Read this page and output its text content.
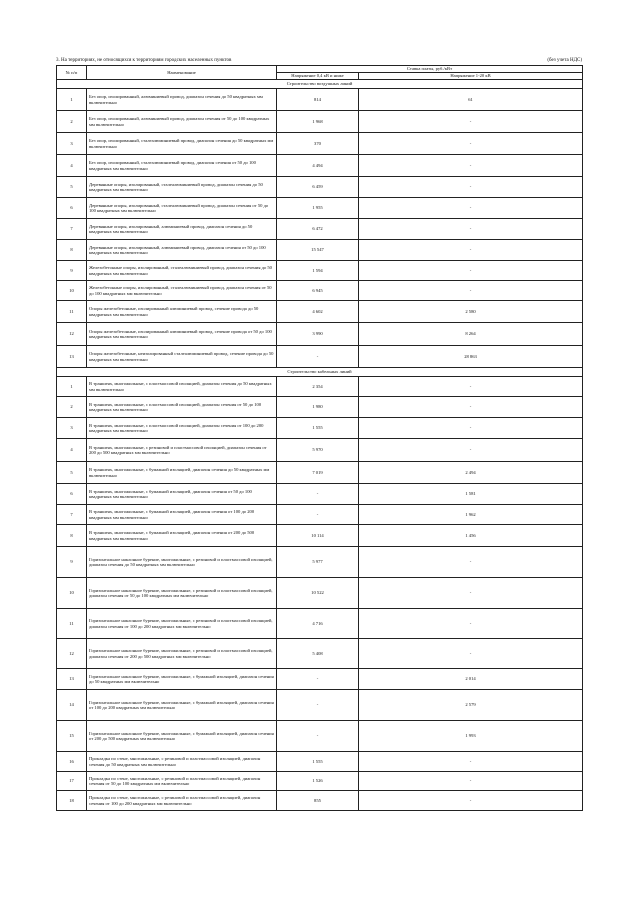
3. На территориях, не относящихся к территориям городских населенных пунктов	(без учета НДС)
№ п/п	Наименование	Ставка платы, руб./кВт	
		Напряжение 0,4 кВ и ниже	Напряжение 1-20 кВ
Строительство воздушных линий			
1	Без опор, изолированный, алюминиевый провод, диапазон сечения до 50 квадратных мм включительно	814	61
2	Без опор, изолированный, алюминиевый провод, диапазон сечения от 50 до 100 квадратных мм включительно	1 968	-
3	Без опор, изолированный, сталеалюминиевый провод, диапазон сечения до 50 квадратных мм включительно	370	-
4	Без опор, изолированный, сталеалюминиевый провод, диапазон сечения от 50 до 100 квадратных мм включительно	4 494	-
5	Деревянные опоры, изолированный, сталеалюминиевый провод, диапазон сечения до 50 квадратных мм включительно	6 459	-
6	Деревянные опоры, изолированный, сталеалюминиевый провод, диапазон сечения от 50 до 100 квадратных мм включительно	1 955	-
7	Деревянные опоры, изолированный, алюминиевый провод, диапазон сечения до 50 квадратных мм включительно	6 472	-
8	Деревянные опоры, изолированный, алюминиевый провод, диапазон сечения от 50 до 100 квадратных мм включительно	15 547	-
9	Железобетонные опоры, изолированный, сталеалюминиевый провод, диапазон сечения до 50 квадратных мм включительно	1 594	-
10	Железобетонные опоры, изолированный, сталеалюминиевый провод, диапазон сечения от 50 до 100 квадратных мм включительно	6 945	-
11	Опоры железобетонные, изолированный алюминиевый провод, сечение провода до 50 квадратных мм включительно	4 602	2 580
12	Опоры железобетонные, изолированный алюминиевый провод, сечение провода от 50 до 100 квадратных мм включительно	3 990	8 264
13	Опоры железобетонные, неизолированный сталеалюминиевый провод, сечение провода до 50 квадратных мм включительно	-	28 863
Строительство кабельных линий			
1	В траншеях, многожильные, с пластмассовой изоляцией, диапазон сечения до 50 квадратных мм включительно	2 354	-
2	В траншеях, многожильные, с пластмассовой изоляцией, диапазон сечения от 50 до 100 квадратных мм включительно	1 980	-
3	В траншеях, многожильные, с пластмассовой изоляцией, диапазон сечения от 100 до 200 квадратных мм включительно	1 555	-
4	В траншеях, многожильные, с резиновой и пластмассовой изоляцией, диапазон сечения от 200 до 500 квадратных мм включительно	5 970	-
5	В траншеях, многожильные, с бумажной изоляцией, диапазон сечения до 50 квадратных мм включительно	7 019	2 494
6	В траншеях, многожильные, с бумажной изоляцией, диапазон сечения от 50 до 100 квадратных мм включительно	-	1 581
7	В траншеях, многожильные, с бумажной изоляцией, диапазон сечения от 100 до 200 квадратных мм включительно	-	1 962
8	В траншеях, многожильные, с бумажной изоляцией, диапазон сечения от 200 до 500 квадратных мм включительно	10 114	1 456
9	Горизонтальное наклонное бурение, многожильные, с резиновой и пластмассовой изоляцией, диапазон сечения до 50 квадратных мм включительно	5 977	-
10	Горизонтальное наклонное бурение, многожильные, с резиновой и пластмассовой изоляцией, диапазон сечения от 50 до 100 квадратных мм включительно	10 522	-
11	Горизонтальное наклонное бурение, многожильные, с резиновой и пластмассовой изоляцией, диапазон сечения от 100 до 200 квадратных мм включительно	4 716	-
12	Горизонтальное наклонное бурение, многожильные, с резиновой и пластмассовой изоляцией, диапазон сечения от 200 до 500 квадратных мм включительно	5 408	-
13	Горизонтальное наклонное бурение, многожильные, с бумажной изоляцией, диапазон сечения до 50 квадратных мм включительно	-	2 014
14	Горизонтальное наклонное бурение, многожильные, с бумажной изоляцией, диапазон сечения от 100 до 200 квадратных мм включительно	-	2 579
15	Горизонтальное наклонное бурение, многожильные, с бумажной изоляцией, диапазон сечения от 200 до 500 квадратных мм включительно	-	1 993
16	Прокладка по стене, многожильные, с резиновой и пластмассовой изоляцией, диапазон сечения до 50 квадратных мм включительно	1 555	-
17	Прокладка по стене, многожильные, с резиновой и пластмассовой изоляцией, диапазон сечения от 50 до 100 квадратных мм включительно	1 526	-
18	Прокладка по стене, многожильные, с резиновой и пластмассовой изоляцией, диапазон сечения от 100 до 200 квадратных мм включительно	855	-
